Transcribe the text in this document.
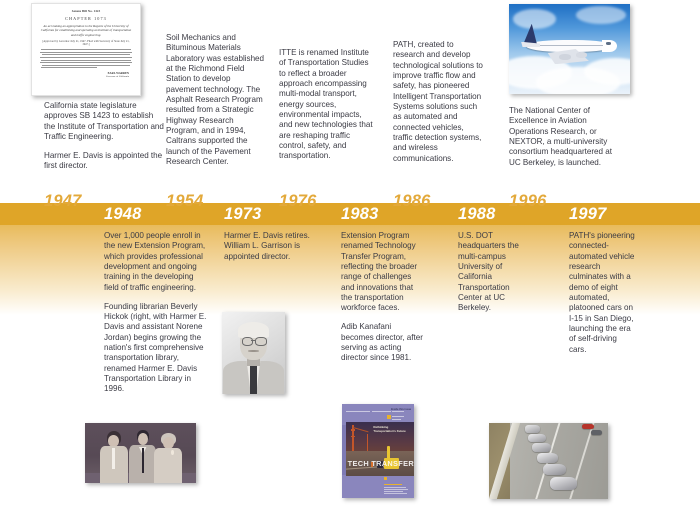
Senate Bill No. 1423
CHAPTER 1073
An act making an appropriation to the Regents of the University of California for establishing and operating an Institute of transportation and traffic engineering.
[Approved by Governor July 21, 1947. Filed with Secretary of State July 21, 1947.]
EARL WARREN
Governor of California

California state legislature approves SB 1423 to establish the Institute of Transportation and Traffic Engineering.

Harmer E. Davis is appointed the first director.

Soil Mechanics and Bituminous Materials Laboratory was established at the Richmond Field Station to develop pavement technology. The Asphalt Research Program resulted from a Strategic Highway Research Program, and in 1994, Caltrans supported the launch of the Pavement Research Center.

ITTE is renamed Institute of Transportation Studies to reflect a broader approach encompassing multi-modal transport, energy sources, environmental impacts, and new technologies that are reshaping traffic control, safety, and transportation.

PATH, created to research and develop technological solutions to improve traffic flow and safety, has pioneered Intelligent Transportation Systems solutions such as automated and connected vehicles, traffic detection systems, and wireless communications.

The National Center of Excellence in Aviation Operations Research, or NEXTOR, a multi-university consortium headquartered at UC Berkeley, is launched.

1947	1954	1976	1986	1996
1948	1973	1983	1988	1997

Over 1,000 people enroll in the new Extension Program, which provides professional development and ongoing training in the developing field of traffic engineering.

Founding librarian Beverly Hickok (right, with Harmer E. Davis and assistant Norene Jordan) begins growing the nation's first comprehensive transportation library, renamed Harmer E. Davis Transportation Library in 1996.

Harmer E. Davis retires. William L. Garrison is appointed director.

Extension Program renamed Technology Transfer Program, reflecting the broader range of challenges and innovations that the transportation workforce faces.

Adib Kanafani becomes director, after serving as acting director since 1981.

U.S. DOT headquarters the multi-campus University of California Transportation Center at UC Berkeley.

PATH's pioneering connected-automated vehicle research culminates with a demo of eight automated, platooned cars on I-15 in San Diego, launching the era of self-driving cars.

Inside this issue
Rethinking Transportation's Future
TECH TRANSFER
